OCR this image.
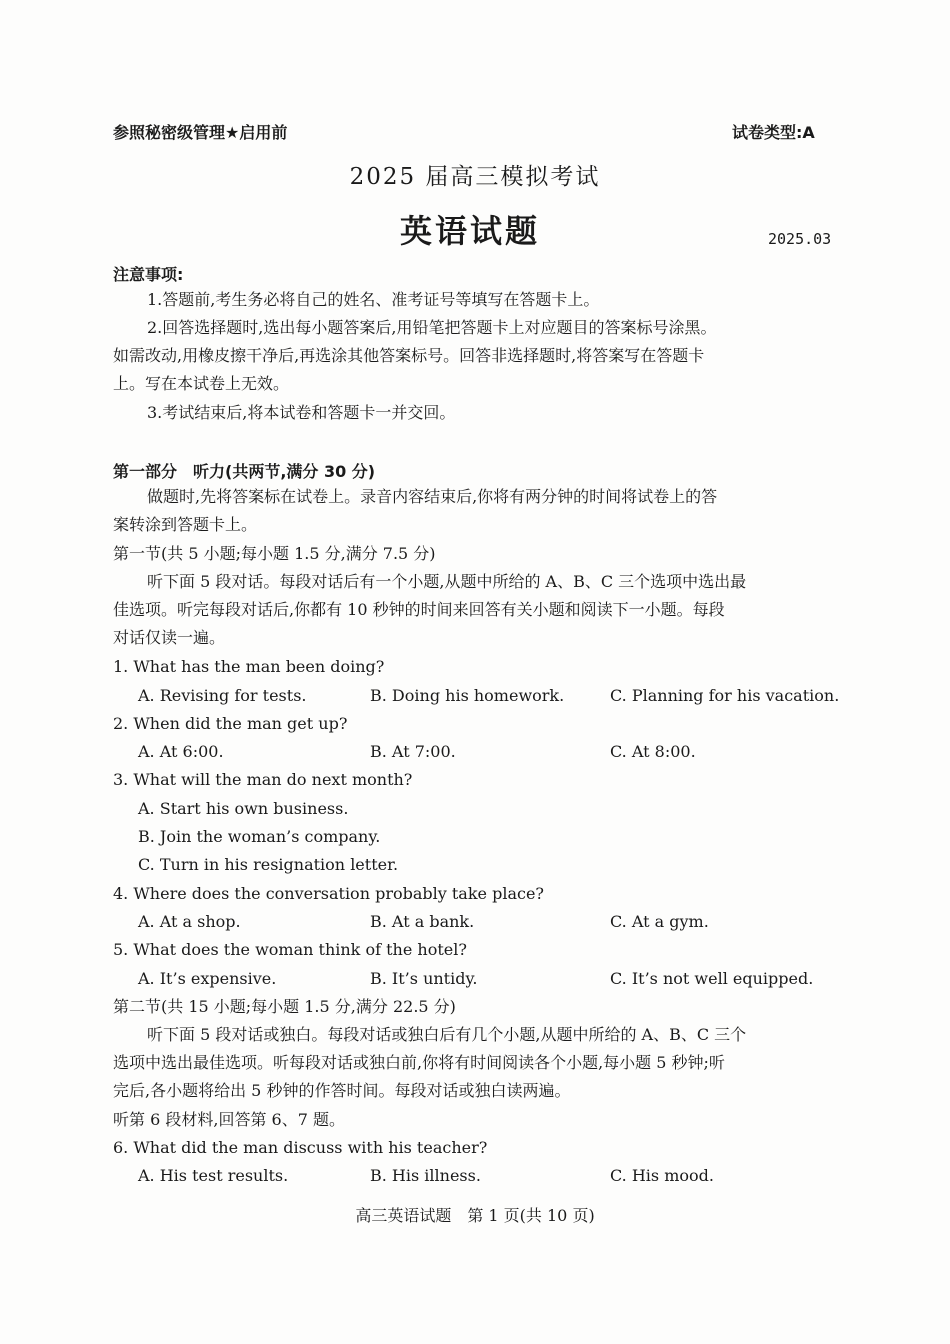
参照秘密级管理★启用前	试卷类型:A
2025 届高三模拟考试
英语试题	2025.03
注意事项:
1.答题前,考生务必将自己的姓名、准考证号等填写在答题卡上。
2.回答选择题时,选出每小题答案后,用铅笔把答题卡上对应题目的答案标号涂黑。
如需改动,用橡皮擦干净后,再选涂其他答案标号。回答非选择题时,将答案写在答题卡
上。写在本试卷上无效。
3.考试结束后,将本试卷和答题卡一并交回。
第一部分　听力(共两节,满分 30 分)
做题时,先将答案标在试卷上。录音内容结束后,你将有两分钟的时间将试卷上的答
案转涂到答题卡上。
第一节(共 5 小题;每小题 1.5 分,满分 7.5 分)
听下面 5 段对话。每段对话后有一个小题,从题中所给的 A、B、C 三个选项中选出最
佳选项。听完每段对话后,你都有 10 秒钟的时间来回答有关小题和阅读下一小题。每段
对话仅读一遍。
1. What has the man been doing?
A. Revising for tests.	B. Doing his homework.	C. Planning for his vacation.
2. When did the man get up?
A. At 6:00.	B. At 7:00.	C. At 8:00.
3. What will the man do next month?
A. Start his own business.
B. Join the woman’s company.
C. Turn in his resignation letter.
4. Where does the conversation probably take place?
A. At a shop.	B. At a bank.	C. At a gym.
5. What does the woman think of the hotel?
A. It’s expensive.	B. It’s untidy.	C. It’s not well equipped.
第二节(共 15 小题;每小题 1.5 分,满分 22.5 分)
听下面 5 段对话或独白。每段对话或独白后有几个小题,从题中所给的 A、B、C 三个
选项中选出最佳选项。听每段对话或独白前,你将有时间阅读各个小题,每小题 5 秒钟;听
完后,各小题将给出 5 秒钟的作答时间。每段对话或独白读两遍。
听第 6 段材料,回答第 6、7 题。
6. What did the man discuss with his teacher?
A. His test results.	B. His illness.	C. His mood.
高三英语试题　第 1 页(共 10 页)
